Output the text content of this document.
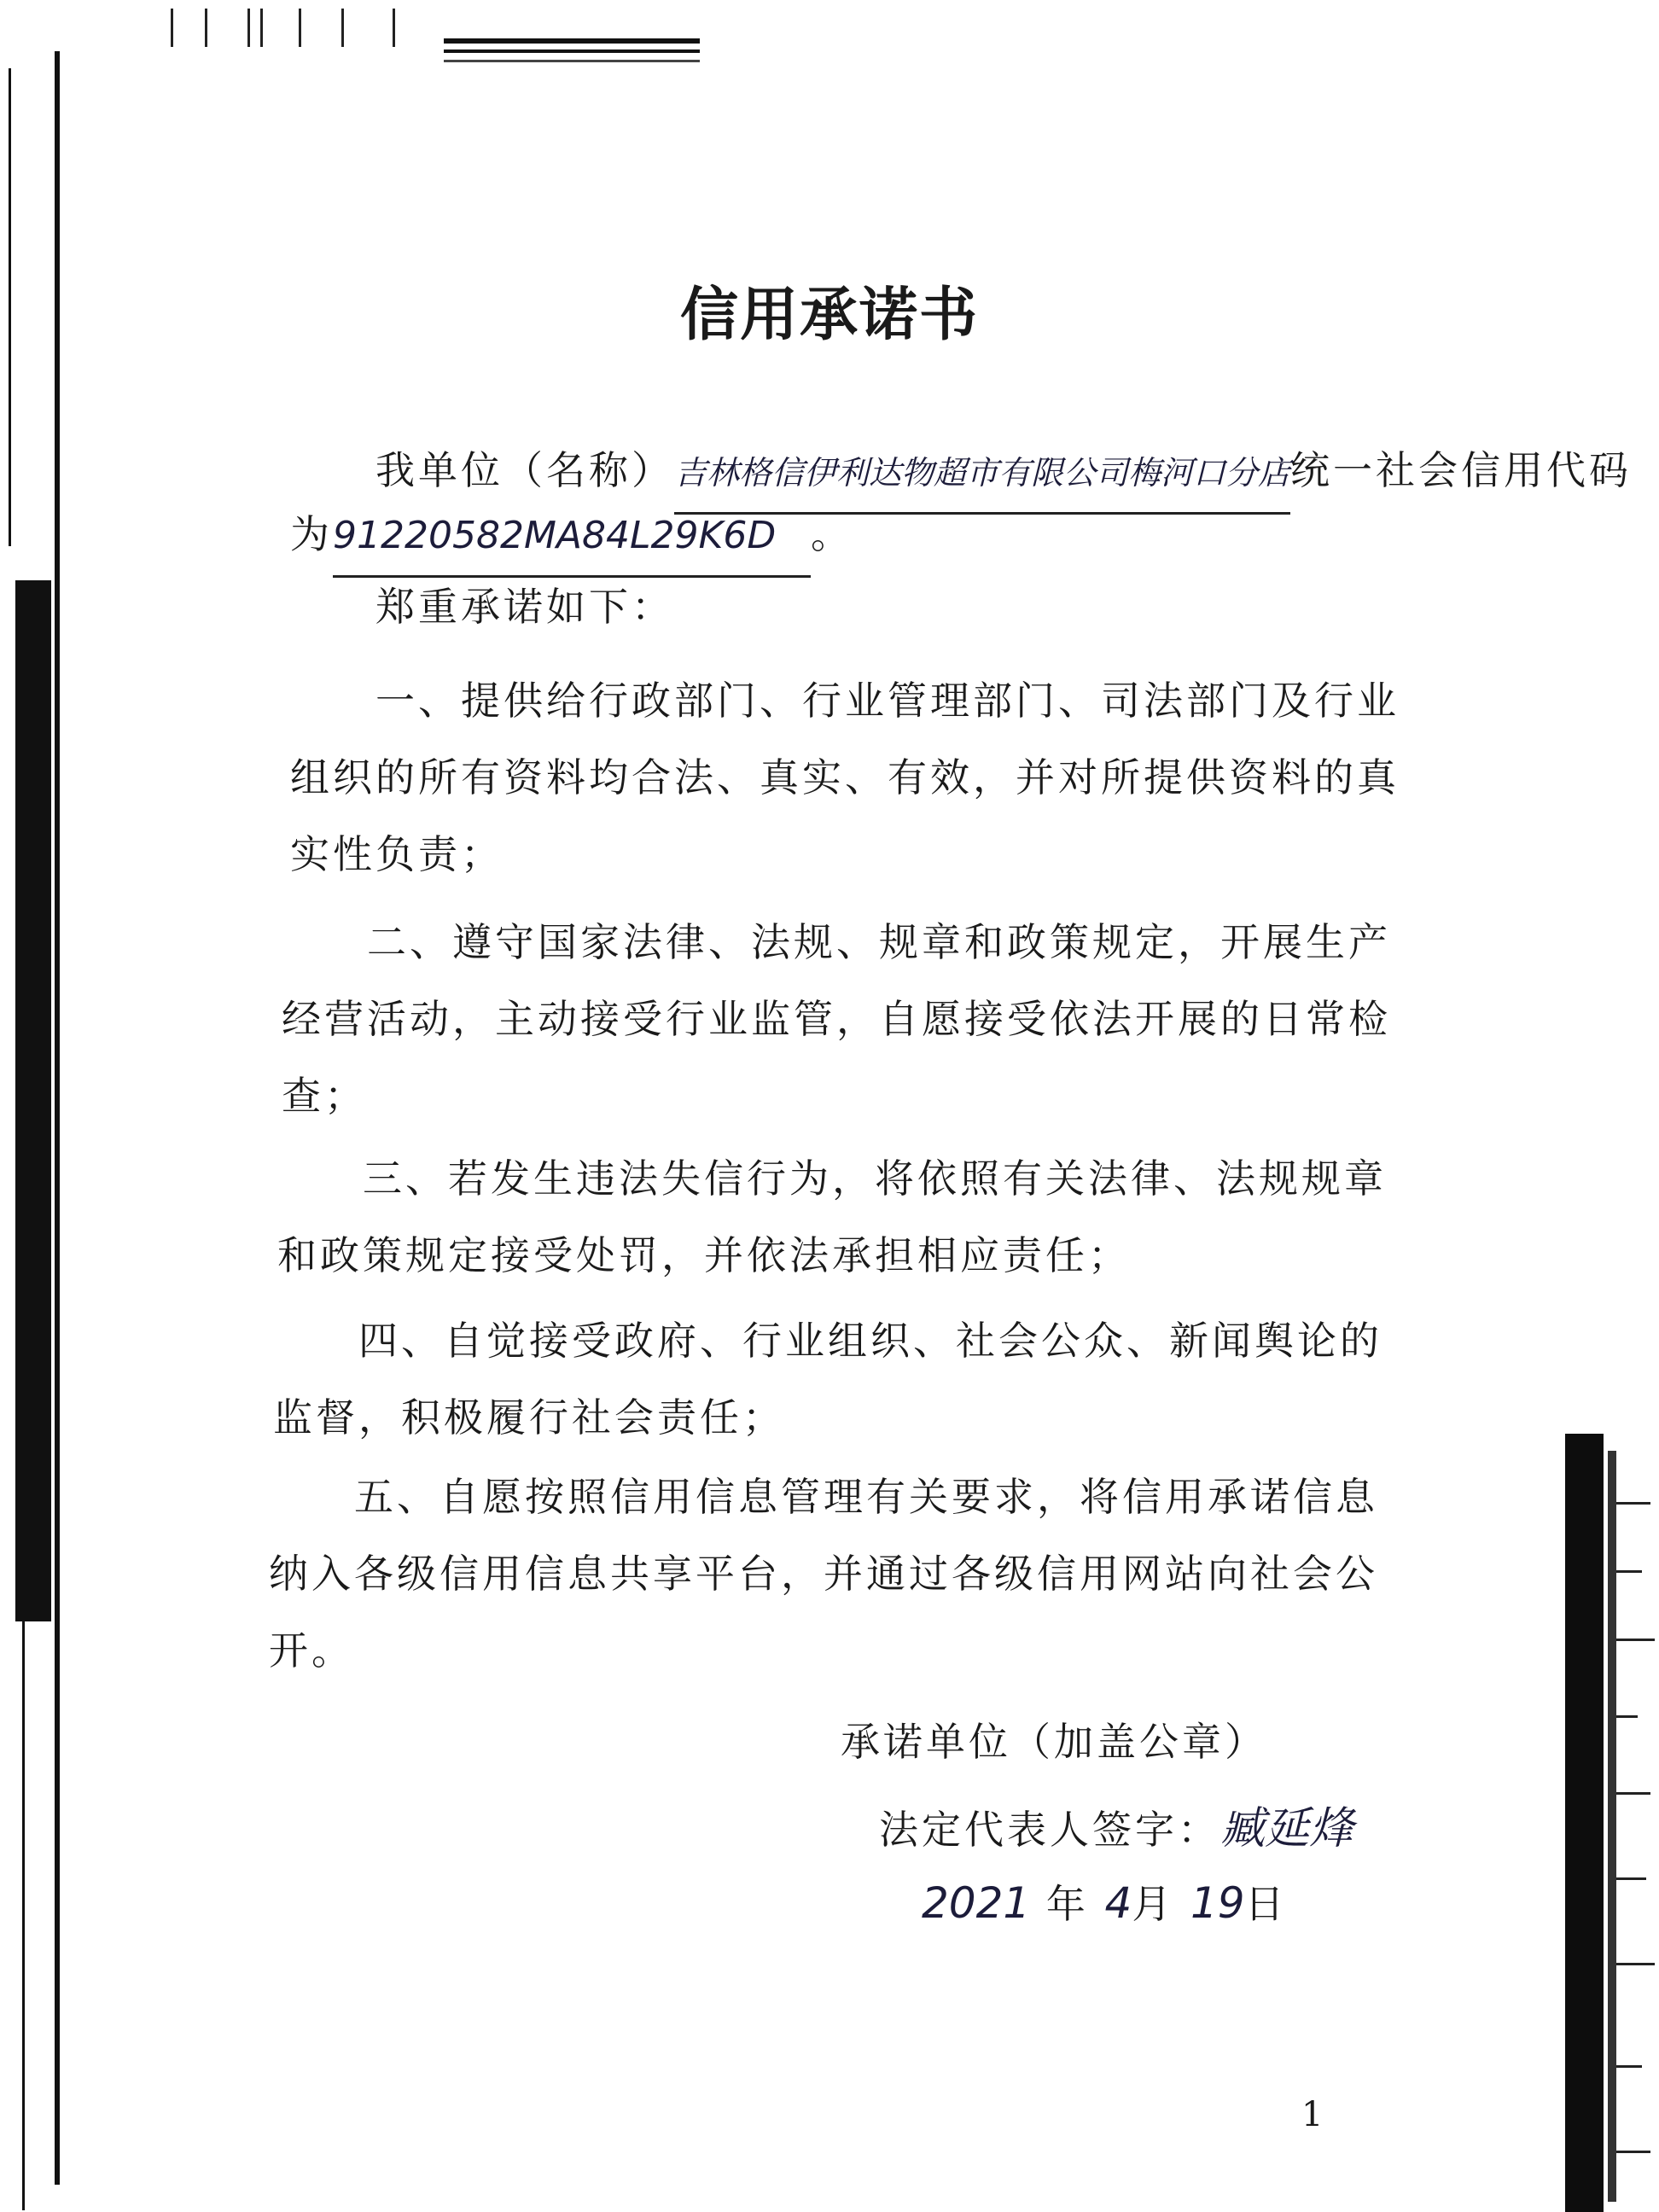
信用承诺书
我单位（名称）吉林格信伊利达物超市有限公司梅河口分店统一社会信用代码
为91220582MA84L29K6D 。
郑重承诺如下：
一、提供给行政部门、行业管理部门、司法部门及行业
组织的所有资料均合法、真实、有效，并对所提供资料的真
实性负责；
二、遵守国家法律、法规、规章和政策规定，开展生产
经营活动，主动接受行业监管，自愿接受依法开展的日常检
查；
三、若发生违法失信行为，将依照有关法律、法规规章
和政策规定接受处罚，并依法承担相应责任；
四、自觉接受政府、行业组织、社会公众、新闻舆论的
监督，积极履行社会责任；
五、自愿按照信用信息管理有关要求，将信用承诺信息
纳入各级信用信息共享平台，并通过各级信用网站向社会公
开。
承诺单位（加盖公章）
法定代表人签字：臧延烽
2021 年 4月 19日
1
